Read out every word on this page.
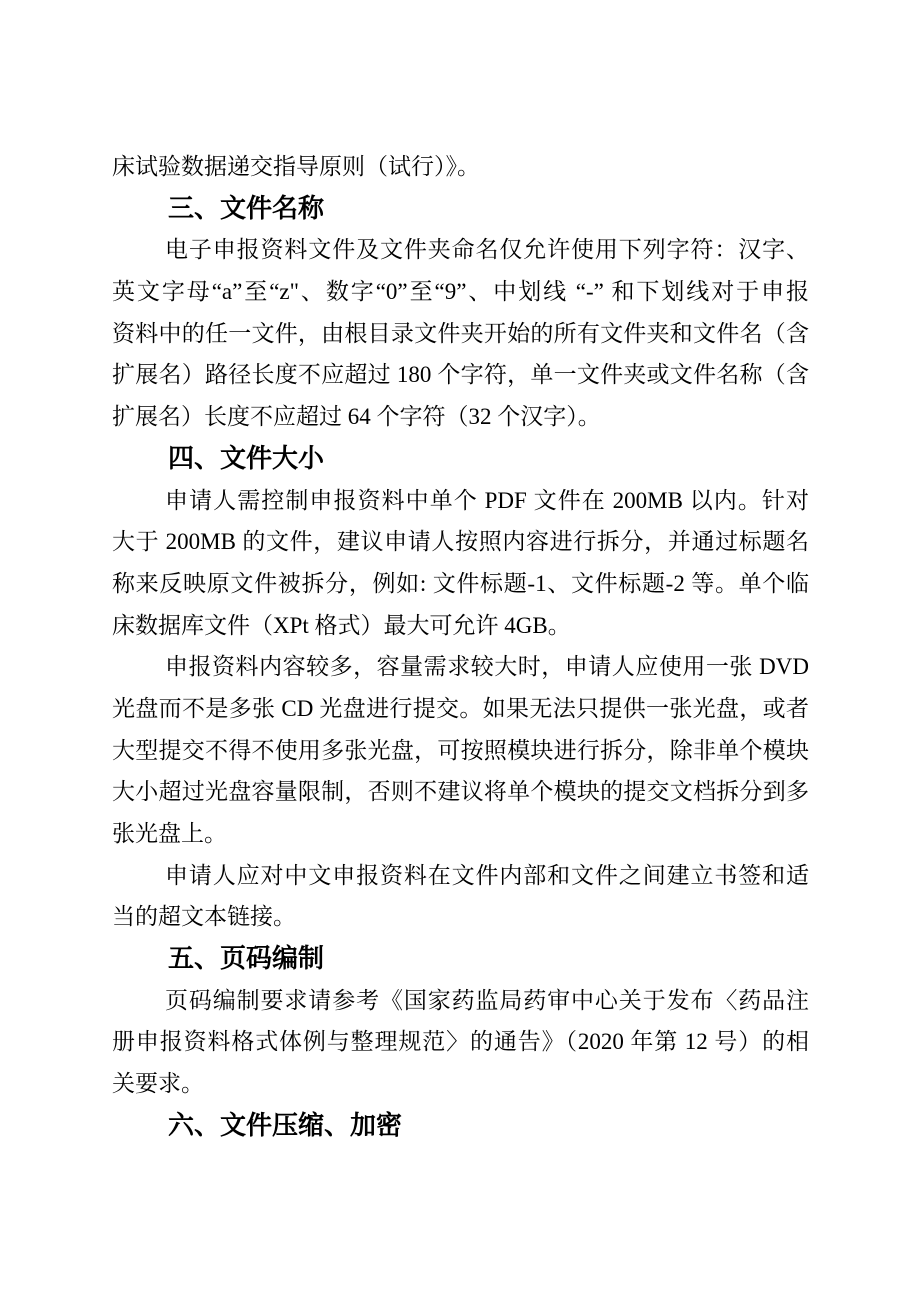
床试验数据递交指导原则（试行）》。
三、文件名称
电子申报资料文件及文件夹命名仅允许使用下列字符：汉字、
英文字母“a”至“z"、数字“0”至“9”、中划线 “-” 和下划线对于申报
资料中的任一文件，由根目录文件夹开始的所有文件夹和文件名（含
扩展名）路径长度不应超过 180 个字符，单一文件夹或文件名称（含
扩展名）长度不应超过 64 个字符（32 个汉字）。
四、文件大小
申请人需控制申报资料中单个 PDF 文件在 200MB 以内。针对
大于 200MB 的文件，建议申请人按照内容进行拆分，并通过标题名
称来反映原文件被拆分，例如: 文件标题-1、文件标题-2 等。单个临
床数据库文件（XPt 格式）最大可允许 4GB。
申报资料内容较多，容量需求较大时，申请人应使用一张 DVD
光盘而不是多张 CD 光盘进行提交。如果无法只提供一张光盘，或者
大型提交不得不使用多张光盘，可按照模块进行拆分，除非单个模块
大小超过光盘容量限制，否则不建议将单个模块的提交文档拆分到多
张光盘上。
申请人应对中文申报资料在文件内部和文件之间建立书签和适
当的超文本链接。
五、页码编制
页码编制要求请参考《国家药监局药审中心关于发布〈药品注
册申报资料格式体例与整理规范〉的通告》（2020 年第 12 号）的相
关要求。
六、文件压缩、加密
